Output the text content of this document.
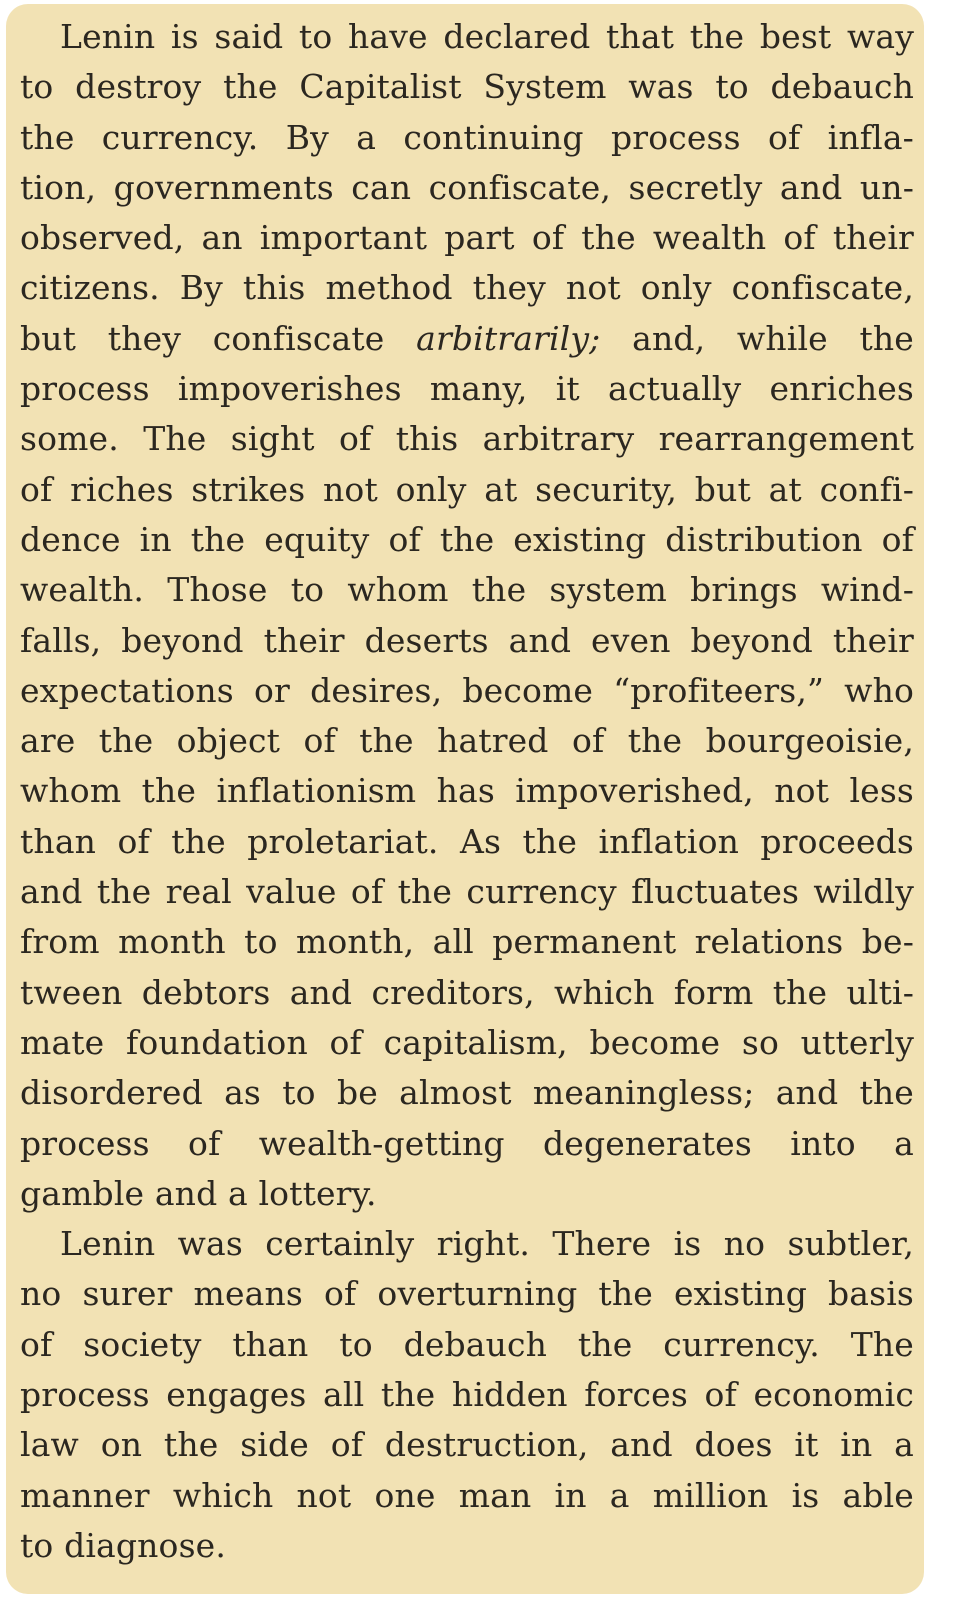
Lenin is said to have declared that the best way
to destroy the Capitalist System was to debauch
the currency. By a continuing process of infla-
tion, governments can confiscate, secretly and un-
observed, an important part of the wealth of their
citizens. By this method they not only confiscate,
but they confiscate arbitrarily; and, while the
process impoverishes many, it actually enriches
some. The sight of this arbitrary rearrangement
of riches strikes not only at security, but at confi-
dence in the equity of the existing distribution of
wealth. Those to whom the system brings wind-
falls, beyond their deserts and even beyond their
expectations or desires, become “profiteers,” who
are the object of the hatred of the bourgeoisie,
whom the inflationism has impoverished, not less
than of the proletariat. As the inflation proceeds
and the real value of the currency fluctuates wildly
from month to month, all permanent relations be-
tween debtors and creditors, which form the ulti-
mate foundation of capitalism, become so utterly
disordered as to be almost meaningless; and the
process of wealth-getting degenerates into a
gamble and a lottery.
Lenin was certainly right. There is no subtler,
no surer means of overturning the existing basis
of society than to debauch the currency. The
process engages all the hidden forces of economic
law on the side of destruction, and does it in a
manner which not one man in a million is able
to diagnose.
